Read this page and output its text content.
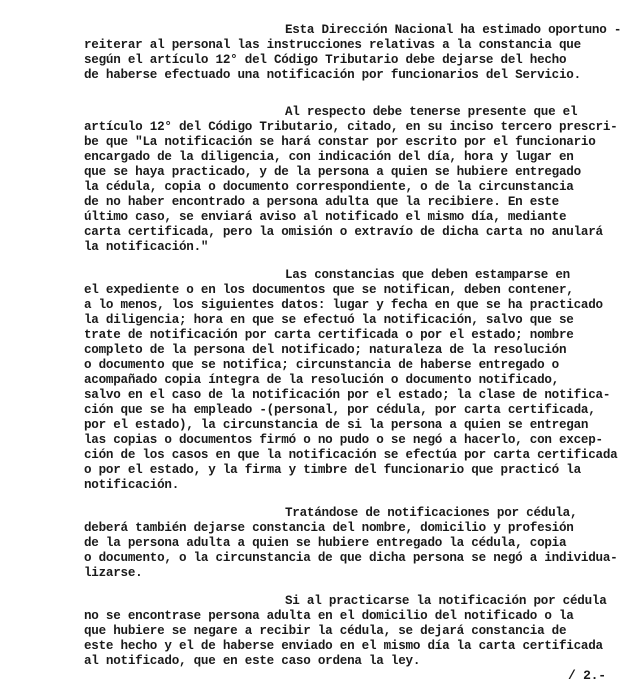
Esta Dirección Nacional ha estimado oportuno -
reiterar al personal las instrucciones relativas a la constancia que
según el artículo 12° del Código Tributario debe dejarse del hecho
de haberse efectuado una notificación por funcionarios del Servicio.
Al respecto debe tenerse presente que el
artículo 12° del Código Tributario, citado, en su inciso tercero prescri-
be que "La notificación se hará constar por escrito por el funcionario
encargado de la diligencia, con indicación del día, hora y lugar en
que se haya practicado, y de la persona a quien se hubiere entregado
la cédula, copia o documento correspondiente, o de la circunstancia
de no haber encontrado a persona adulta que la recibiere. En este
último caso, se enviará aviso al notificado el mismo día, mediante
carta certificada, pero la omisión o extravío de dicha carta no anulará
la notificación."
Las constancias que deben estamparse en
el expediente o en los documentos que se notifican, deben contener,
a lo menos, los siguientes datos: lugar y fecha en que se ha practicado
la diligencia; hora en que se efectuó la notificación, salvo que se
trate de notificación por carta certificada o por el estado; nombre
completo de la persona del notificado; naturaleza de la resolución
o documento que se notifica; circunstancia de haberse entregado o
acompañado copia íntegra de la resolución o documento notificado,
salvo en el caso de la notificación por el estado; la clase de notifica-
ción que se ha empleado -(personal, por cédula, por carta certificada,
por el estado), la circunstancia de si la persona a quien se entregan
las copias o documentos firmó o no pudo o se negó a hacerlo, con excep-
ción de los casos en que la notificación se efectúa por carta certificada
o por el estado, y la firma y timbre del funcionario que practicó la
notificación.
Tratándose de notificaciones por cédula,
deberá también dejarse constancia del nombre, domicilio y profesión
de la persona adulta a quien se hubiere entregado la cédula, copia
o documento, o la circunstancia de que dicha persona se negó a individua-
lizarse.
Si al practicarse la notificación por cédula
no se encontrase persona adulta en el domicilio del notificado o la
que hubiere se negare a recibir la cédula, se dejará constancia de
este hecho y el de haberse enviado en el mismo día la carta certificada
al notificado, que en este caso ordena la ley.
/ 2.-
